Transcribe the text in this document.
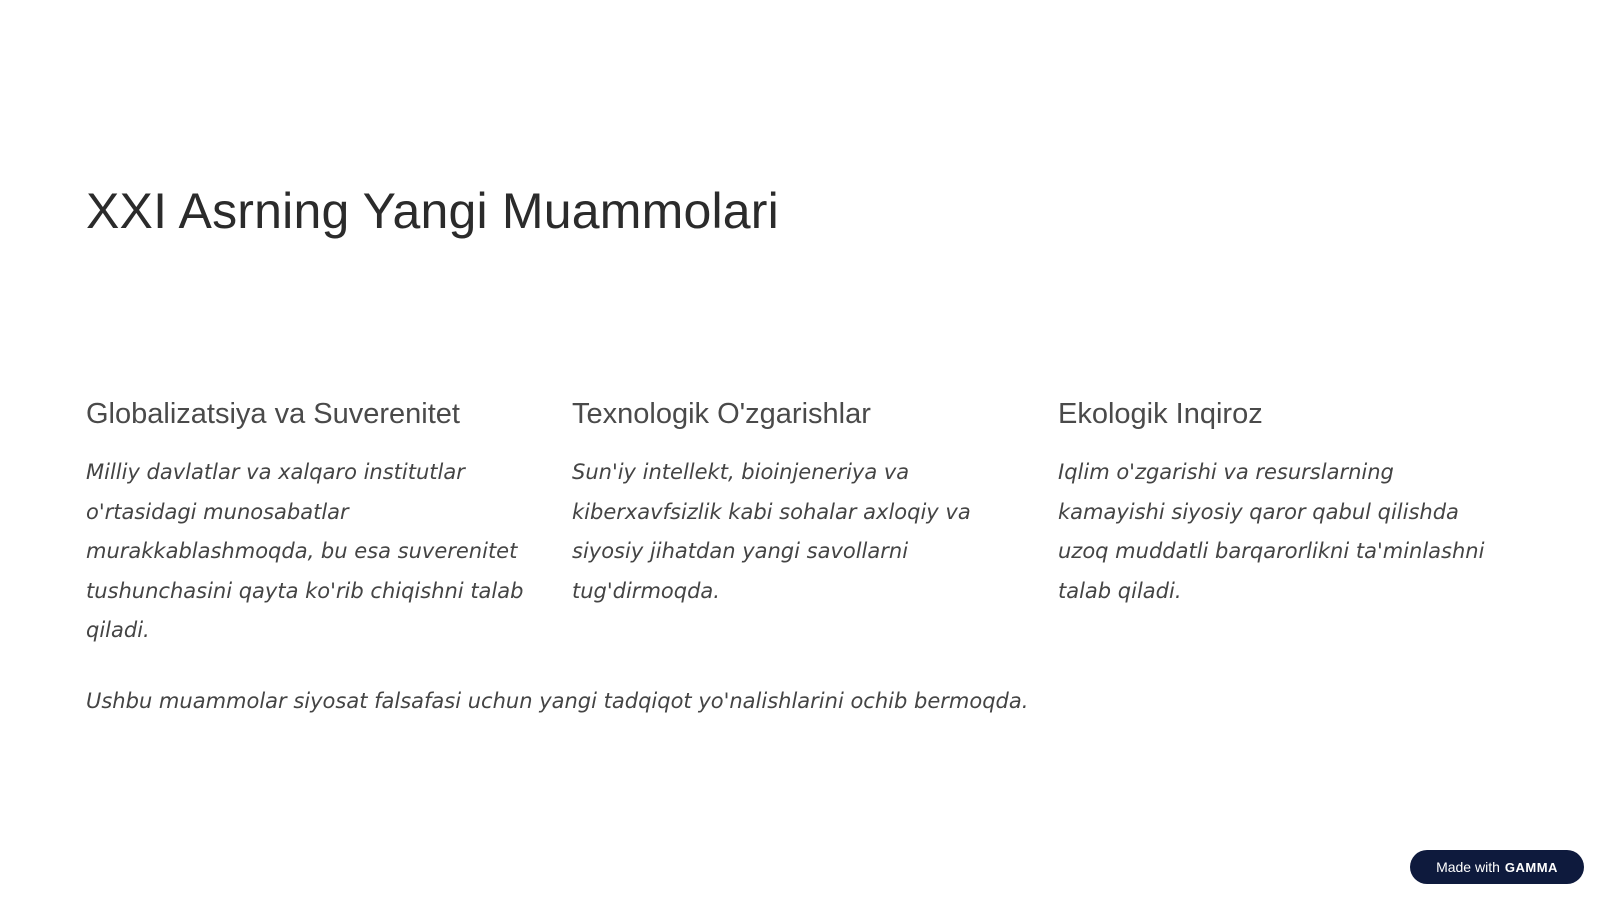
XXI Asrning Yangi Muammolari
Globalizatsiya va Suverenitet

Milliy davlatlar va xalqaro institutlar o'rtasidagi munosabatlar murakkablashmoqda, bu esa suverenitet tushunchasini qayta ko'rib chiqishni talab qiladi.

Texnologik O'zgarishlar

Sun'iy intellekt, bioinjeneriya va kiberxavfsizlik kabi sohalar axloqiy va siyosiy jihatdan yangi savollarni tug'dirmoqda.

Ekologik Inqiroz

Iqlim o'zgarishi va resurslarning kamayishi siyosiy qaror qabul qilishda uzoq muddatli barqarorlikni ta'minlashni talab qiladi.

Ushbu muammolar siyosat falsafasi uchun yangi tadqiqot yo'nalishlarini ochib bermoqda.

Made with GAMMA
